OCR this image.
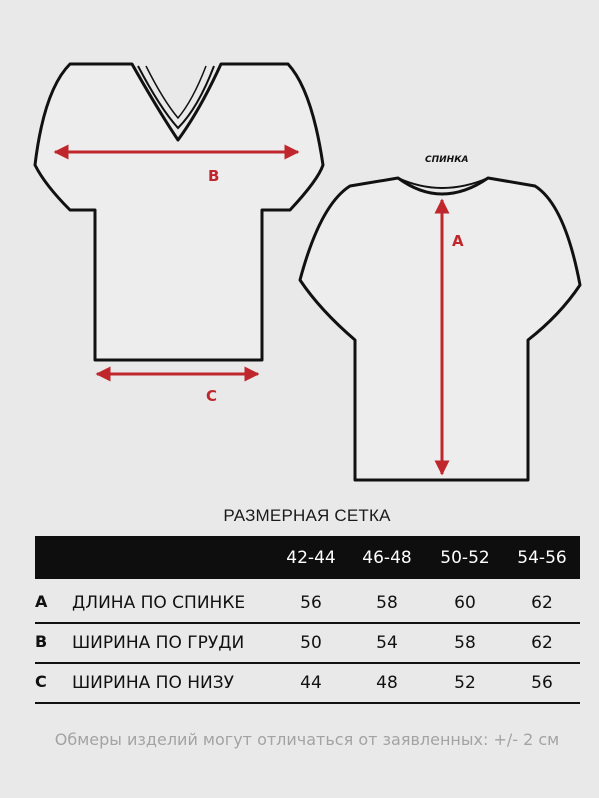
B
C
СПИНКА
A
РАЗМЕРНАЯ СЕТКА
42-44	46-48	50-52	54-56
A ДЛИНА ПО СПИНКЕ	56	58	60	62
B ШИРИНА ПО ГРУДИ	50	54	58	62
C ШИРИНА ПО НИЗУ	44	48	52	56
Обмеры изделий могут отличаться от заявленных: +/- 2 см
